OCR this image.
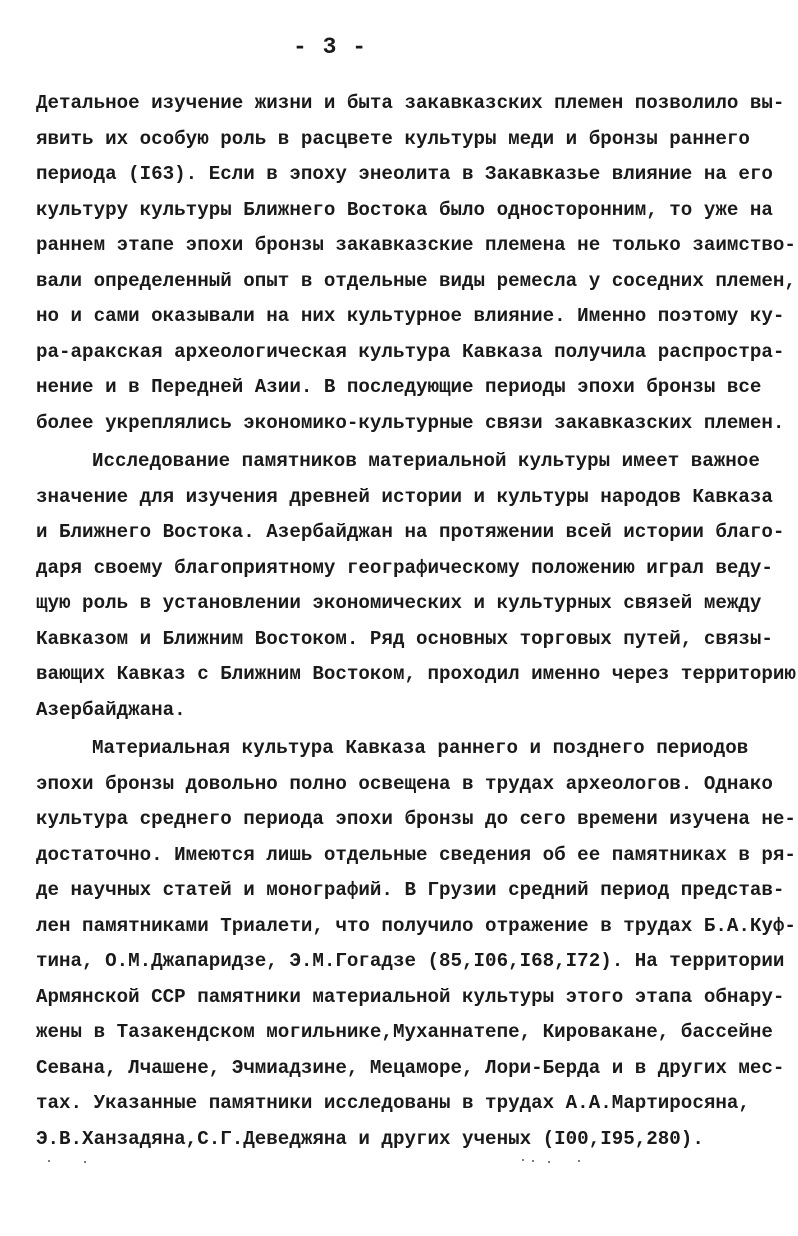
- 3 -
Детальное изучение жизни и быта закавказских племен позволило вы-
явить их особую роль в расцвете культуры меди и бронзы раннего
периода (I63). Если в эпоху энеолита в Закавказье влияние на его
культуру культуры Ближнего Востока было односторонним, то уже на
раннем этапе эпохи бронзы закавказские племена не только заимство-
вали определенный опыт в отдельные виды ремесла у соседних племен,
но и сами оказывали на них культурное влияние. Именно поэтому ку-
ра-аракская археологическая культура Кавказа получила распростра-
нение и в Передней Азии. В последующие периоды эпохи бронзы все
более укреплялись экономико-культурные связи закавказских племен.
Исследование памятников материальной культуры имеет важное
значение для изучения древней истории и культуры народов Кавказа
и Ближнего Востока. Азербайджан на протяжении всей истории благо-
даря своему благоприятному географическому положению играл веду-
щую роль в установлении экономических и культурных связей между
Кавказом и Ближним Востоком. Ряд основных торговых путей, связы-
вающих Кавказ с Ближним Востоком, проходил именно через территорию
Азербайджана.
Материальная культура Кавказа раннего и позднего периодов
эпохи бронзы довольно полно освещена в трудах археологов. Однако
культура среднего периода эпохи бронзы до сего времени изучена не-
достаточно. Имеются лишь отдельные сведения об ее памятниках в ря-
де научных статей и монографий. В Грузии средний период представ-
лен памятниками Триалети, что получило отражение в трудах Б.А.Куф-
тина, О.М.Джапаридзе, Э.М.Гогадзе (85,I06,I68,I72). На территории
Армянской ССР памятники материальной культуры этого этапа обнару-
жены в Тазакендском могильнике,Муханнатепе, Кировакане, бассейне
Севана, Лчашене, Эчмиадзине, Мецаморе, Лори-Берда и в других мес-
тах. Указанные памятники исследованы в трудах А.А.Мартиросяна,
Э.В.Ханзадяна,С.Г.Деведжяна и других ученых (I00,I95,280).
